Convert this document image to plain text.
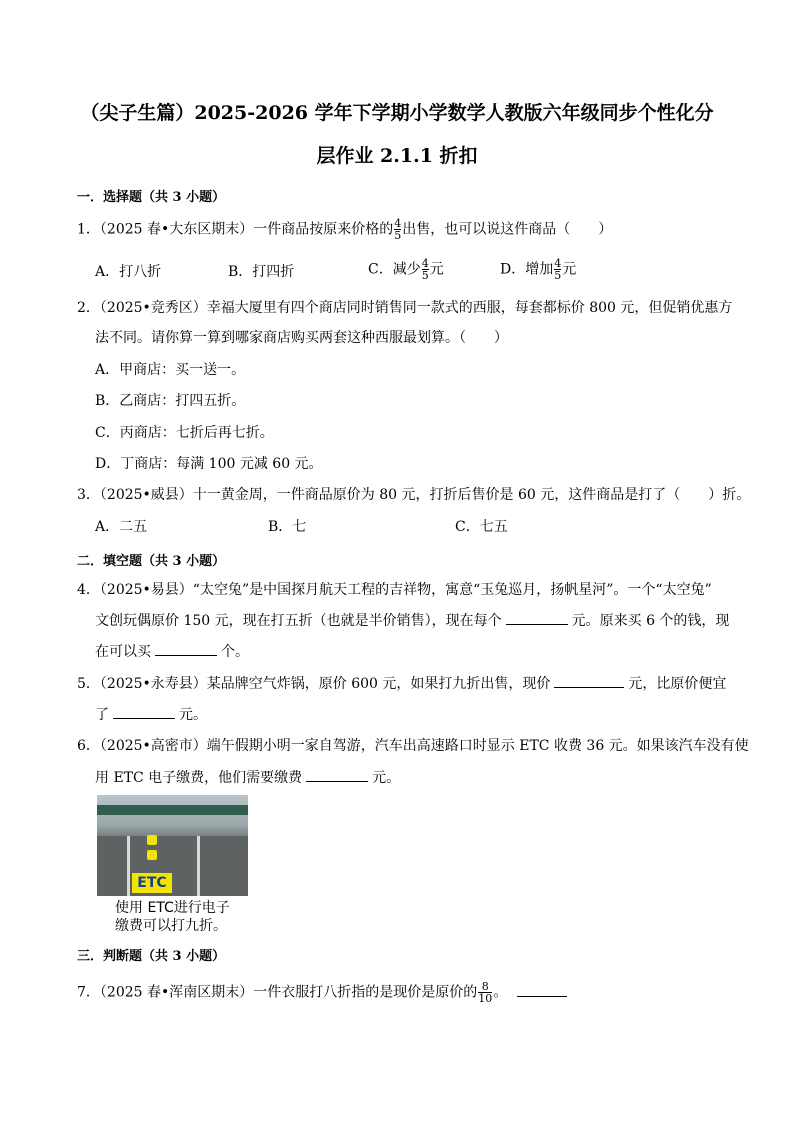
（尖子生篇）2025-2026 学年下学期小学数学人教版六年级同步个性化分
层作业 2.1.1 折扣
一．选择题（共 3 小题）
1．（2025 春•大东区期末）一件商品按原来价格的 $\frac{4}{5}$ 出售，也可以说这件商品（　　）
A．打八折	B．打四折	C．减少 $\frac{4}{5}$ 元	D．增加 $\frac{4}{5}$ 元
2．（2025•竞秀区）幸福大厦里有四个商店同时销售同一款式的西服，每套都标价 800 元，但促销优惠方
法不同。请你算一算到哪家商店购买两套这种西服最划算。（　　）
A．甲商店：买一送一。
B．乙商店：打四五折。
C．丙商店：七折后再七折。
D．丁商店：每满 100 元减 60 元。
3．（2025•威县）十一黄金周，一件商品原价为 80 元，打折后售价是 60 元，这件商品是打了（　　）折。
A．二五	B．七	C．七五
二．填空题（共 3 小题）
4．（2025•易县）“太空兔”是中国探月航天工程的吉祥物，寓意“玉兔巡月，扬帆星河”。一个“太空兔”
文创玩偶原价 150 元，现在打五折（也就是半价销售），现在每个	元。原来买 6 个的钱，现
在可以买	个。
5．（2025•永寿县）某品牌空气炸锅，原价 600 元，如果打九折出售，现价	元，比原价便宜
了	元。
6．（2025•高密市）端午假期小明一家自驾游，汽车出高速路口时显示 ETC 收费 36 元。如果该汽车没有使
用 ETC 电子缴费，他们需要缴费	元。
ETC
使用 ETC进行电子
缴费可以打九折。
三．判断题（共 3 小题）
7．（2025 春•浑南区期末）一件衣服打八折指的是现价是原价的 $\frac{8}{10}$ 。
